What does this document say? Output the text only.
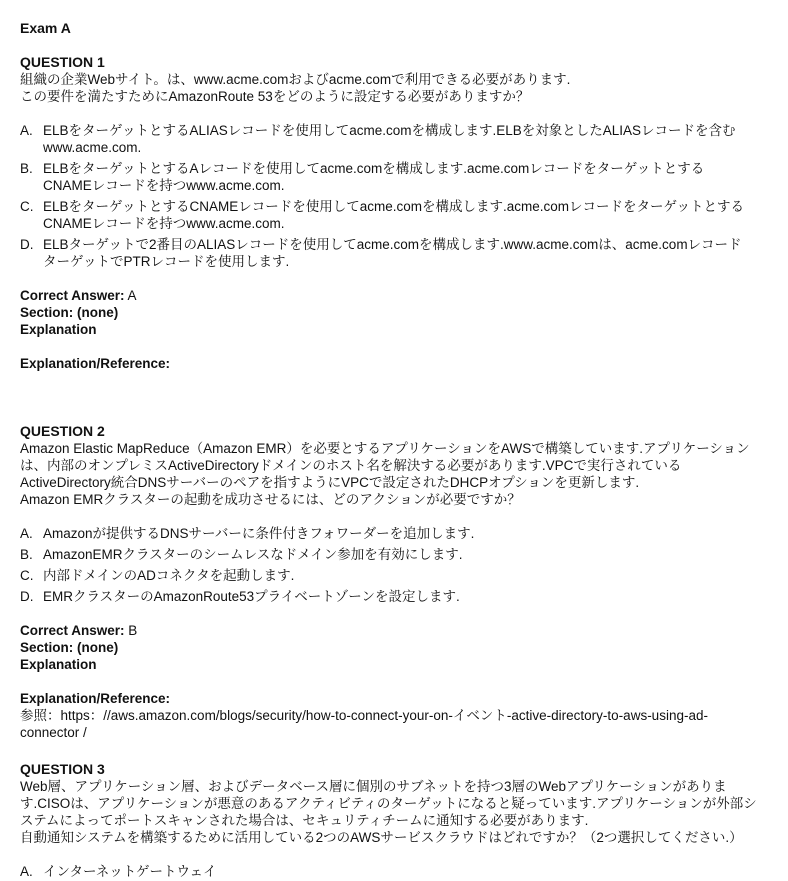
Exam A
QUESTION 1

組織の企業Webサイト。は、www.acme.comおよびacme.comで利用できる必要があります.

この要件を満たすためにAmazonRoute 53をどのように設定する必要がありますか？

A. ELBをターゲットとするALIASレコードを使用してacme.comを構成します.ELBを対象としたALIASレコードを含むwww.acme.com.
B. ELBをターゲットとするAレコードを使用してacme.comを構成します.acme.comレコードをターゲットとするCNAMEレコードを持つwww.acme.com.
C. ELBをターゲットとするCNAMEレコードを使用してacme.comを構成します.acme.comレコードをターゲットとするCNAMEレコードを持つwww.acme.com.
D. ELBターゲットで2番目のALIASレコードを使用してacme.comを構成します.www.acme.comは、acme.comレコードターゲットでPTRレコードを使用します.
Correct Answer: A
Section: (none)
Explanation
Explanation/Reference:
QUESTION 2

Amazon Elastic MapReduce（Amazon EMR）を必要とするアプリケーションをAWSで構築しています.アプリケーションは、内部のオンプレミスActiveDirectoryドメインのホスト名を解決する必要があります.VPCで実行されているActiveDirectory統合DNSサーバーのペアを指すようにVPCで設定されたDHCPオプションを更新します.

Amazon EMRクラスターの起動を成功させるには、どのアクションが必要ですか？

A. Amazonが提供するDNSサーバーに条件付きフォワーダーを追加します.
B. AmazonEMRクラスターのシームレスなドメイン参加を有効にします.
C. 内部ドメインのADコネクタを起動します.
D. EMRクラスターのAmazonRoute53プライベートゾーンを設定します.
Correct Answer: B
Section: (none)
Explanation
Explanation/Reference:

参照：https：//aws.amazon.com/blogs/security/how-to-connect-your-on-イベント-active-directory-to-aws-using-ad-connector /

QUESTION 3

Web層、アプリケーション層、およびデータベース層に個別のサブネットを持つ3層のWebアプリケーションがあります.CISOは、アプリケーションが悪意のあるアクティビティのターゲットになると疑っています.アプリケーションが外部システムによってポートスキャンされた場合は、セキュリティチームに通知する必要があります.

自動通知システムを構築するために活用している2つのAWSサービスクラウドはどれですか？（2つ選択してください.）

A. インターネットゲートウェイ
